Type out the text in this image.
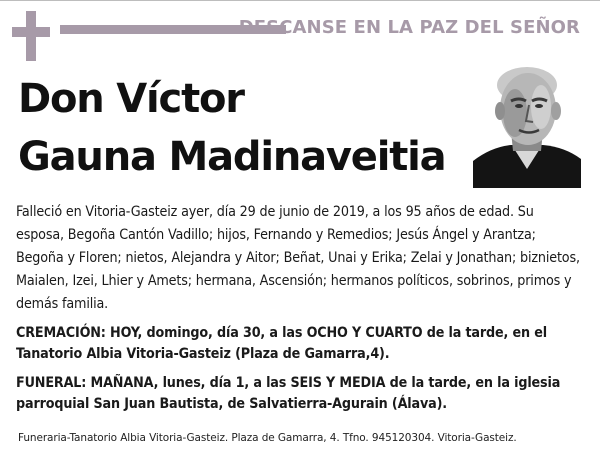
DESCANSE EN LA PAZ DEL SEÑOR
Don Víctor
Gauna Madinaveitia

Falleció en Vitoria-Gasteiz ayer, día 29 de junio de 2019, a los 95 años de edad. Su esposa, Begoña Cantón Vadillo; hijos, Fernando y Remedios; Jesús Ángel y Arantza; Begoña y Floren; nietos, Alejandra y Aitor; Beñat, Unai y Erika; Zelai y Jonathan; biznietos, Maialen, Izei, Lhier y Amets; hermana, Ascensión; hermanos políticos, sobrinos, primos y demás familia.

CREMACIÓN: HOY, domingo, día 30, a las OCHO Y CUARTO de la tarde, en el Tanatorio Albia Vitoria-Gasteiz (Plaza de Gamarra,4).

FUNERAL: MAÑANA, lunes, día 1, a las SEIS Y MEDIA de la tarde, en la iglesia parroquial San Juan Bautista, de Salvatierra-Agurain (Álava).

Funeraria-Tanatorio Albia Vitoria-Gasteiz. Plaza de Gamarra, 4. Tfno. 945120304. Vitoria-Gasteiz.
